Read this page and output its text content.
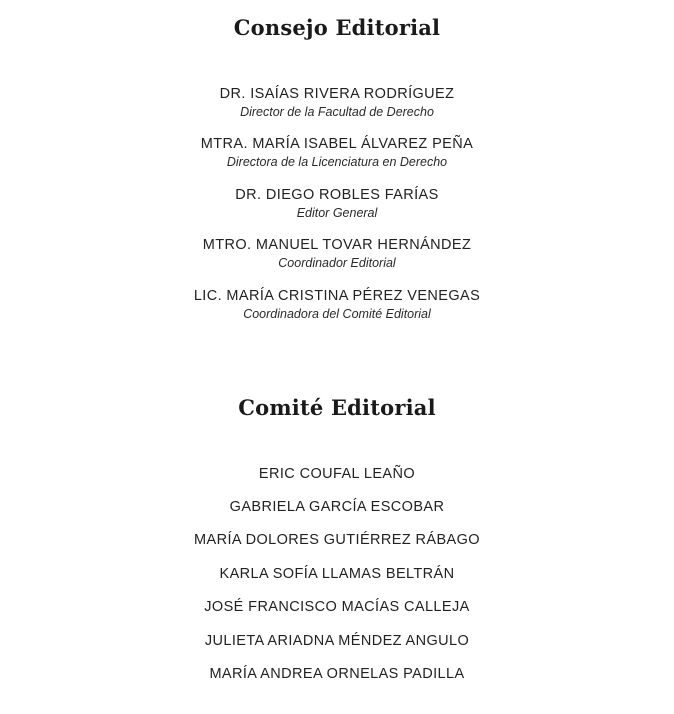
Consejo Editorial
DR. ISAÍAS RIVERA RODRÍGUEZ
Director de la Facultad de Derecho
MTRA. MARÍA ISABEL ÁLVAREZ PEÑA
Directora de la Licenciatura en Derecho
DR. DIEGO ROBLES FARÍAS
Editor General
MTRO. MANUEL TOVAR HERNÁNDEZ
Coordinador Editorial
LIC. MARÍA CRISTINA PÉREZ VENEGAS
Coordinadora del Comité Editorial
Comité Editorial
ERIC COUFAL LEAÑO
GABRIELA GARCÍA ESCOBAR
MARÍA DOLORES GUTIÉRREZ RÁBAGO
KARLA SOFÍA LLAMAS BELTRÁN
JOSÉ FRANCISCO MACÍAS CALLEJA
JULIETA ARIADNA MÉNDEZ ANGULO
MARÍA ANDREA ORNELAS PADILLA
